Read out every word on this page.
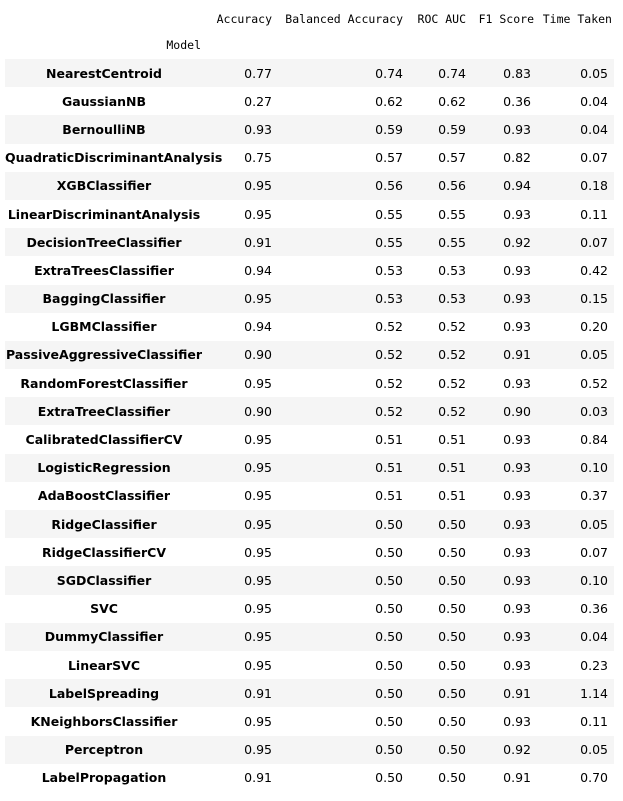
	Accuracy	Balanced Accuracy	ROC AUC	F1 Score	Time Taken
Model					
NearestCentroid	0.77	0.74	0.74	0.83	0.05
GaussianNB	0.27	0.62	0.62	0.36	0.04
BernoulliNB	0.93	0.59	0.59	0.93	0.04
QuadraticDiscriminantAnalysis	0.75	0.57	0.57	0.82	0.07
XGBClassifier	0.95	0.56	0.56	0.94	0.18
LinearDiscriminantAnalysis	0.95	0.55	0.55	0.93	0.11
DecisionTreeClassifier	0.91	0.55	0.55	0.92	0.07
ExtraTreesClassifier	0.94	0.53	0.53	0.93	0.42
BaggingClassifier	0.95	0.53	0.53	0.93	0.15
LGBMClassifier	0.94	0.52	0.52	0.93	0.20
PassiveAggressiveClassifier	0.90	0.52	0.52	0.91	0.05
RandomForestClassifier	0.95	0.52	0.52	0.93	0.52
ExtraTreeClassifier	0.90	0.52	0.52	0.90	0.03
CalibratedClassifierCV	0.95	0.51	0.51	0.93	0.84
LogisticRegression	0.95	0.51	0.51	0.93	0.10
AdaBoostClassifier	0.95	0.51	0.51	0.93	0.37
RidgeClassifier	0.95	0.50	0.50	0.93	0.05
RidgeClassifierCV	0.95	0.50	0.50	0.93	0.07
SGDClassifier	0.95	0.50	0.50	0.93	0.10
SVC	0.95	0.50	0.50	0.93	0.36
DummyClassifier	0.95	0.50	0.50	0.93	0.04
LinearSVC	0.95	0.50	0.50	0.93	0.23
LabelSpreading	0.91	0.50	0.50	0.91	1.14
KNeighborsClassifier	0.95	0.50	0.50	0.93	0.11
Perceptron	0.95	0.50	0.50	0.92	0.05
LabelPropagation	0.91	0.50	0.50	0.91	0.70
